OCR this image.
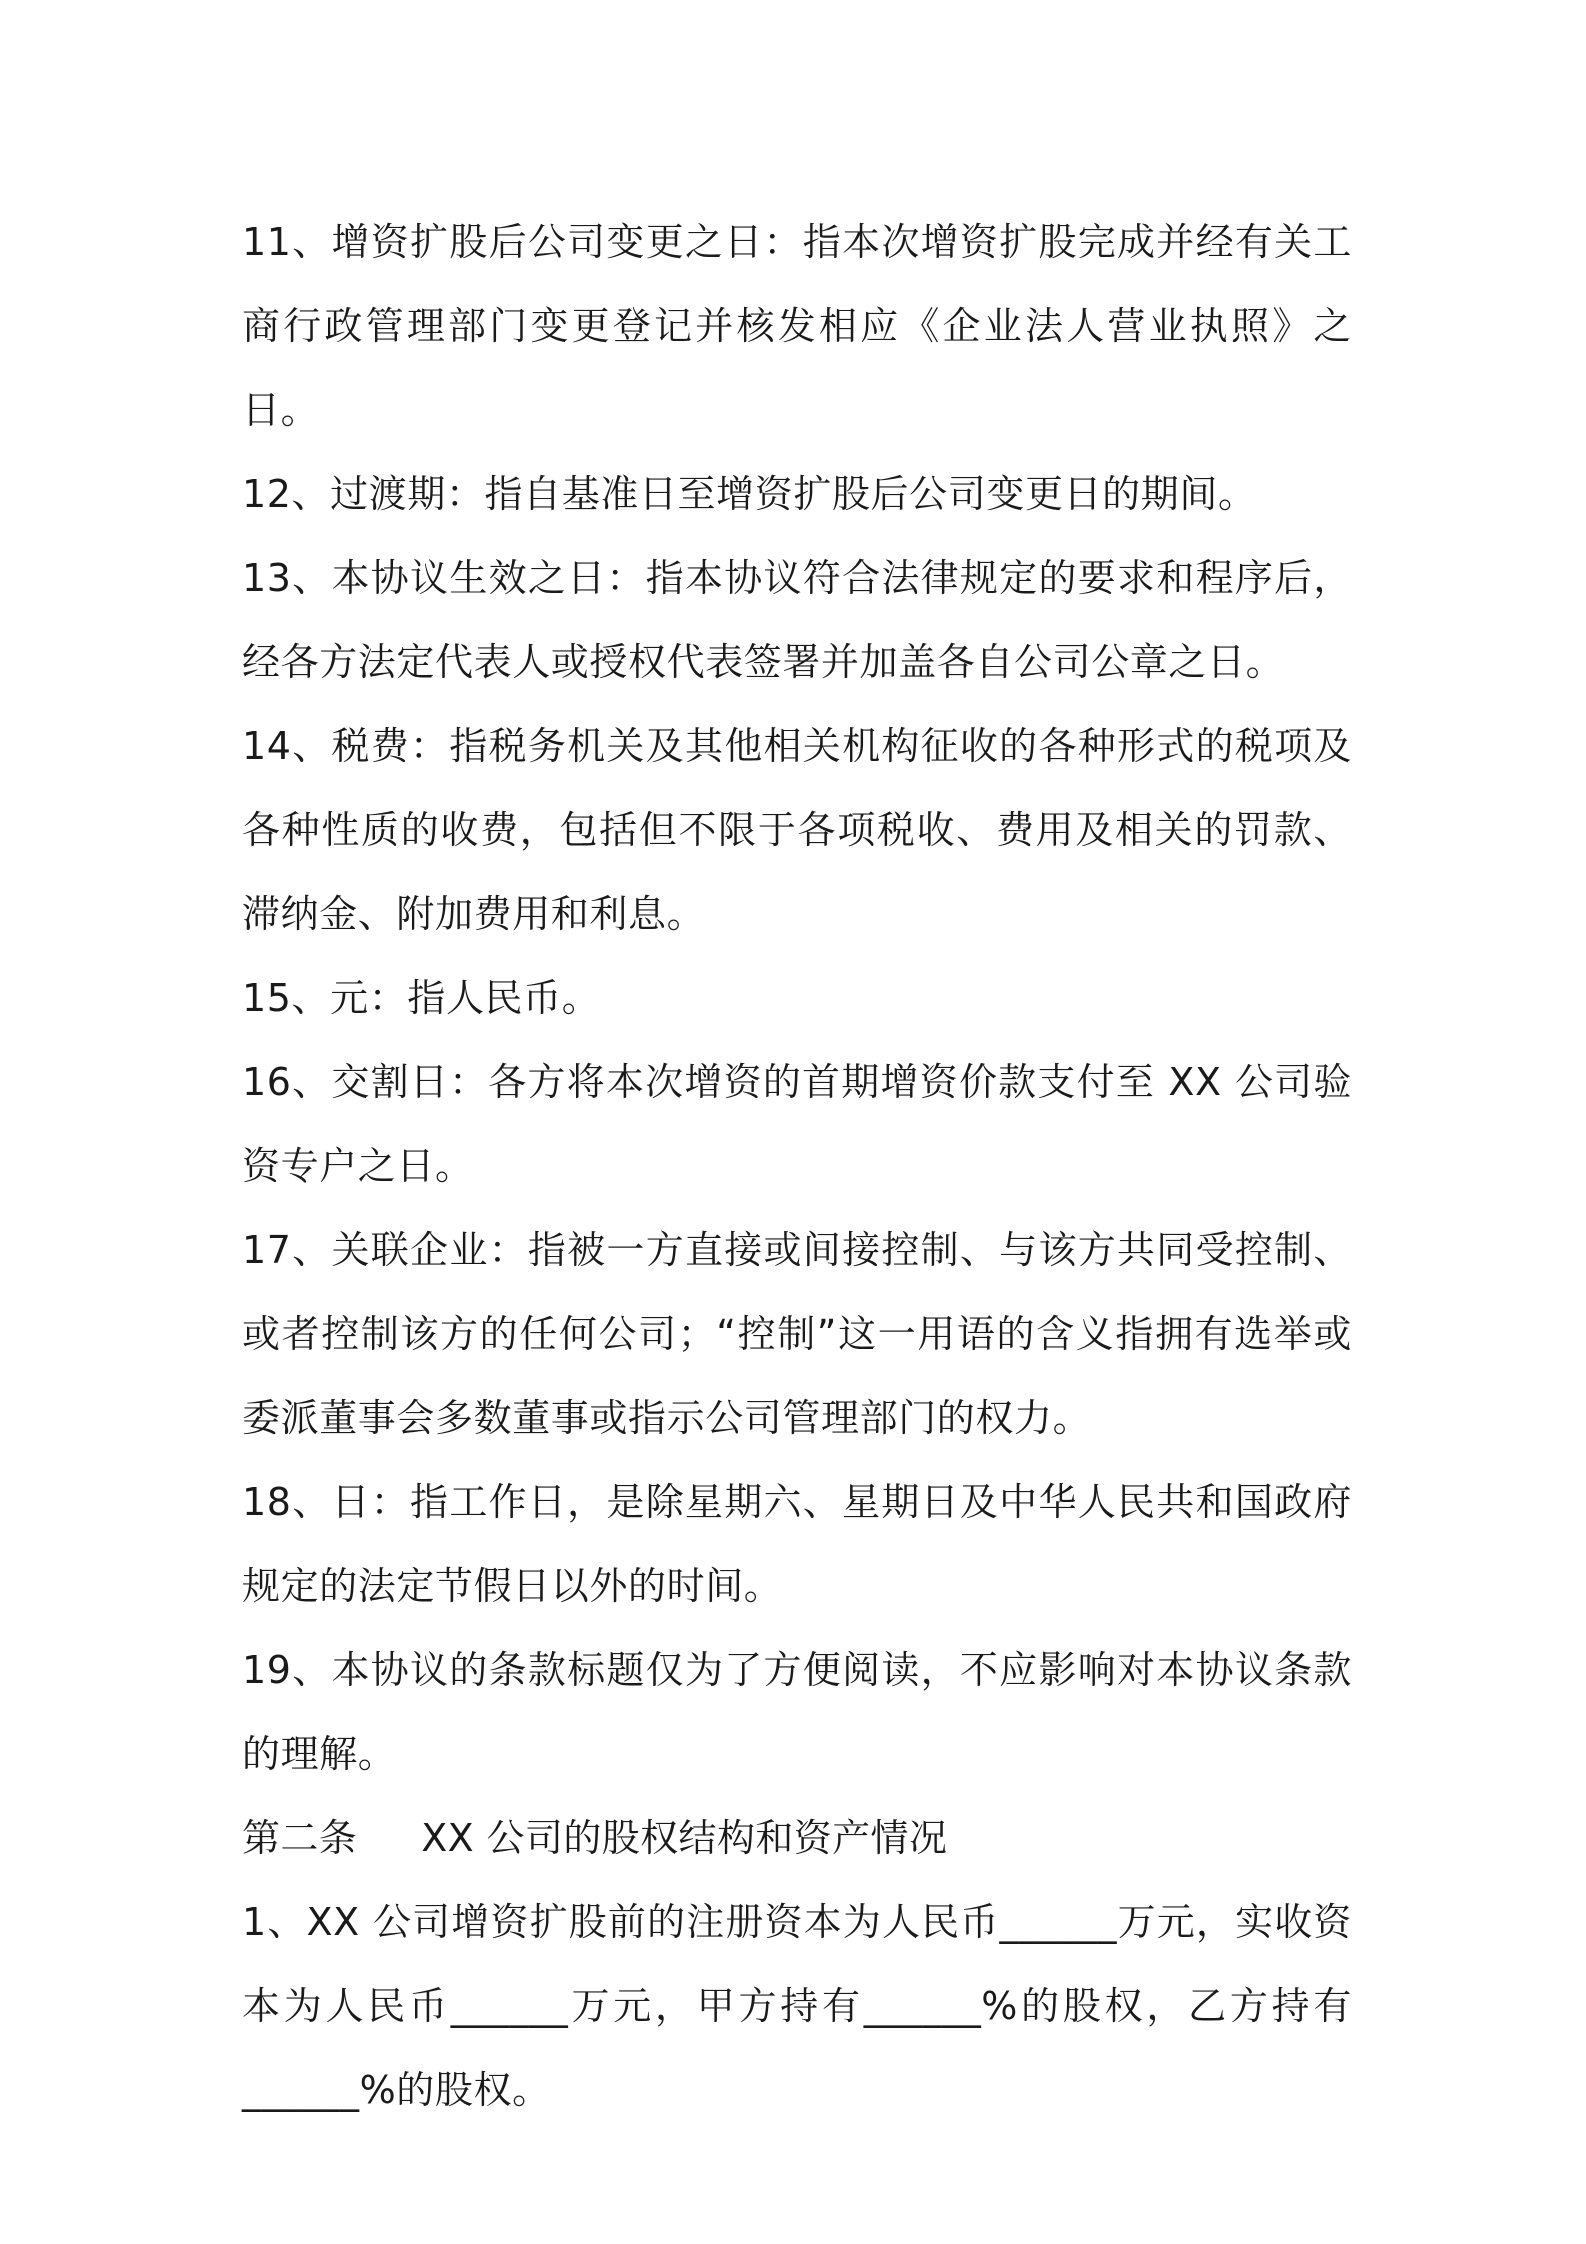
11、增资扩股后公司变更之日：指本次增资扩股完成并经有关工商行政管理部门变更登记并核发相应《企业法人营业执照》之日。

12、过渡期：指自基准日至增资扩股后公司变更日的期间。

13、本协议生效之日：指本协议符合法律规定的要求和程序后，经各方法定代表人或授权代表签署并加盖各自公司公章之日。

14、税费：指税务机关及其他相关机构征收的各种形式的税项及各种性质的收费，包括但不限于各项税收、费用及相关的罚款、滞纳金、附加费用和利息。

15、元：指人民币。

16、交割日：各方将本次增资的首期增资价款支付至 XX 公司验资专户之日。

17、关联企业：指被一方直接或间接控制、与该方共同受控制、或者控制该方的任何公司；“控制”这一用语的含义指拥有选举或委派董事会多数董事或指示公司管理部门的权力。

18、日：指工作日，是除星期六、星期日及中华人民共和国政府规定的法定节假日以外的时间。

19、本协议的条款标题仅为了方便阅读，不应影响对本协议条款的理解。

第二条 XX 公司的股权结构和资产情况

1、XX 公司增资扩股前的注册资本为人民币______万元，实收资本为人民币______万元，甲方持有______%的股权，乙方持有______%的股权。
